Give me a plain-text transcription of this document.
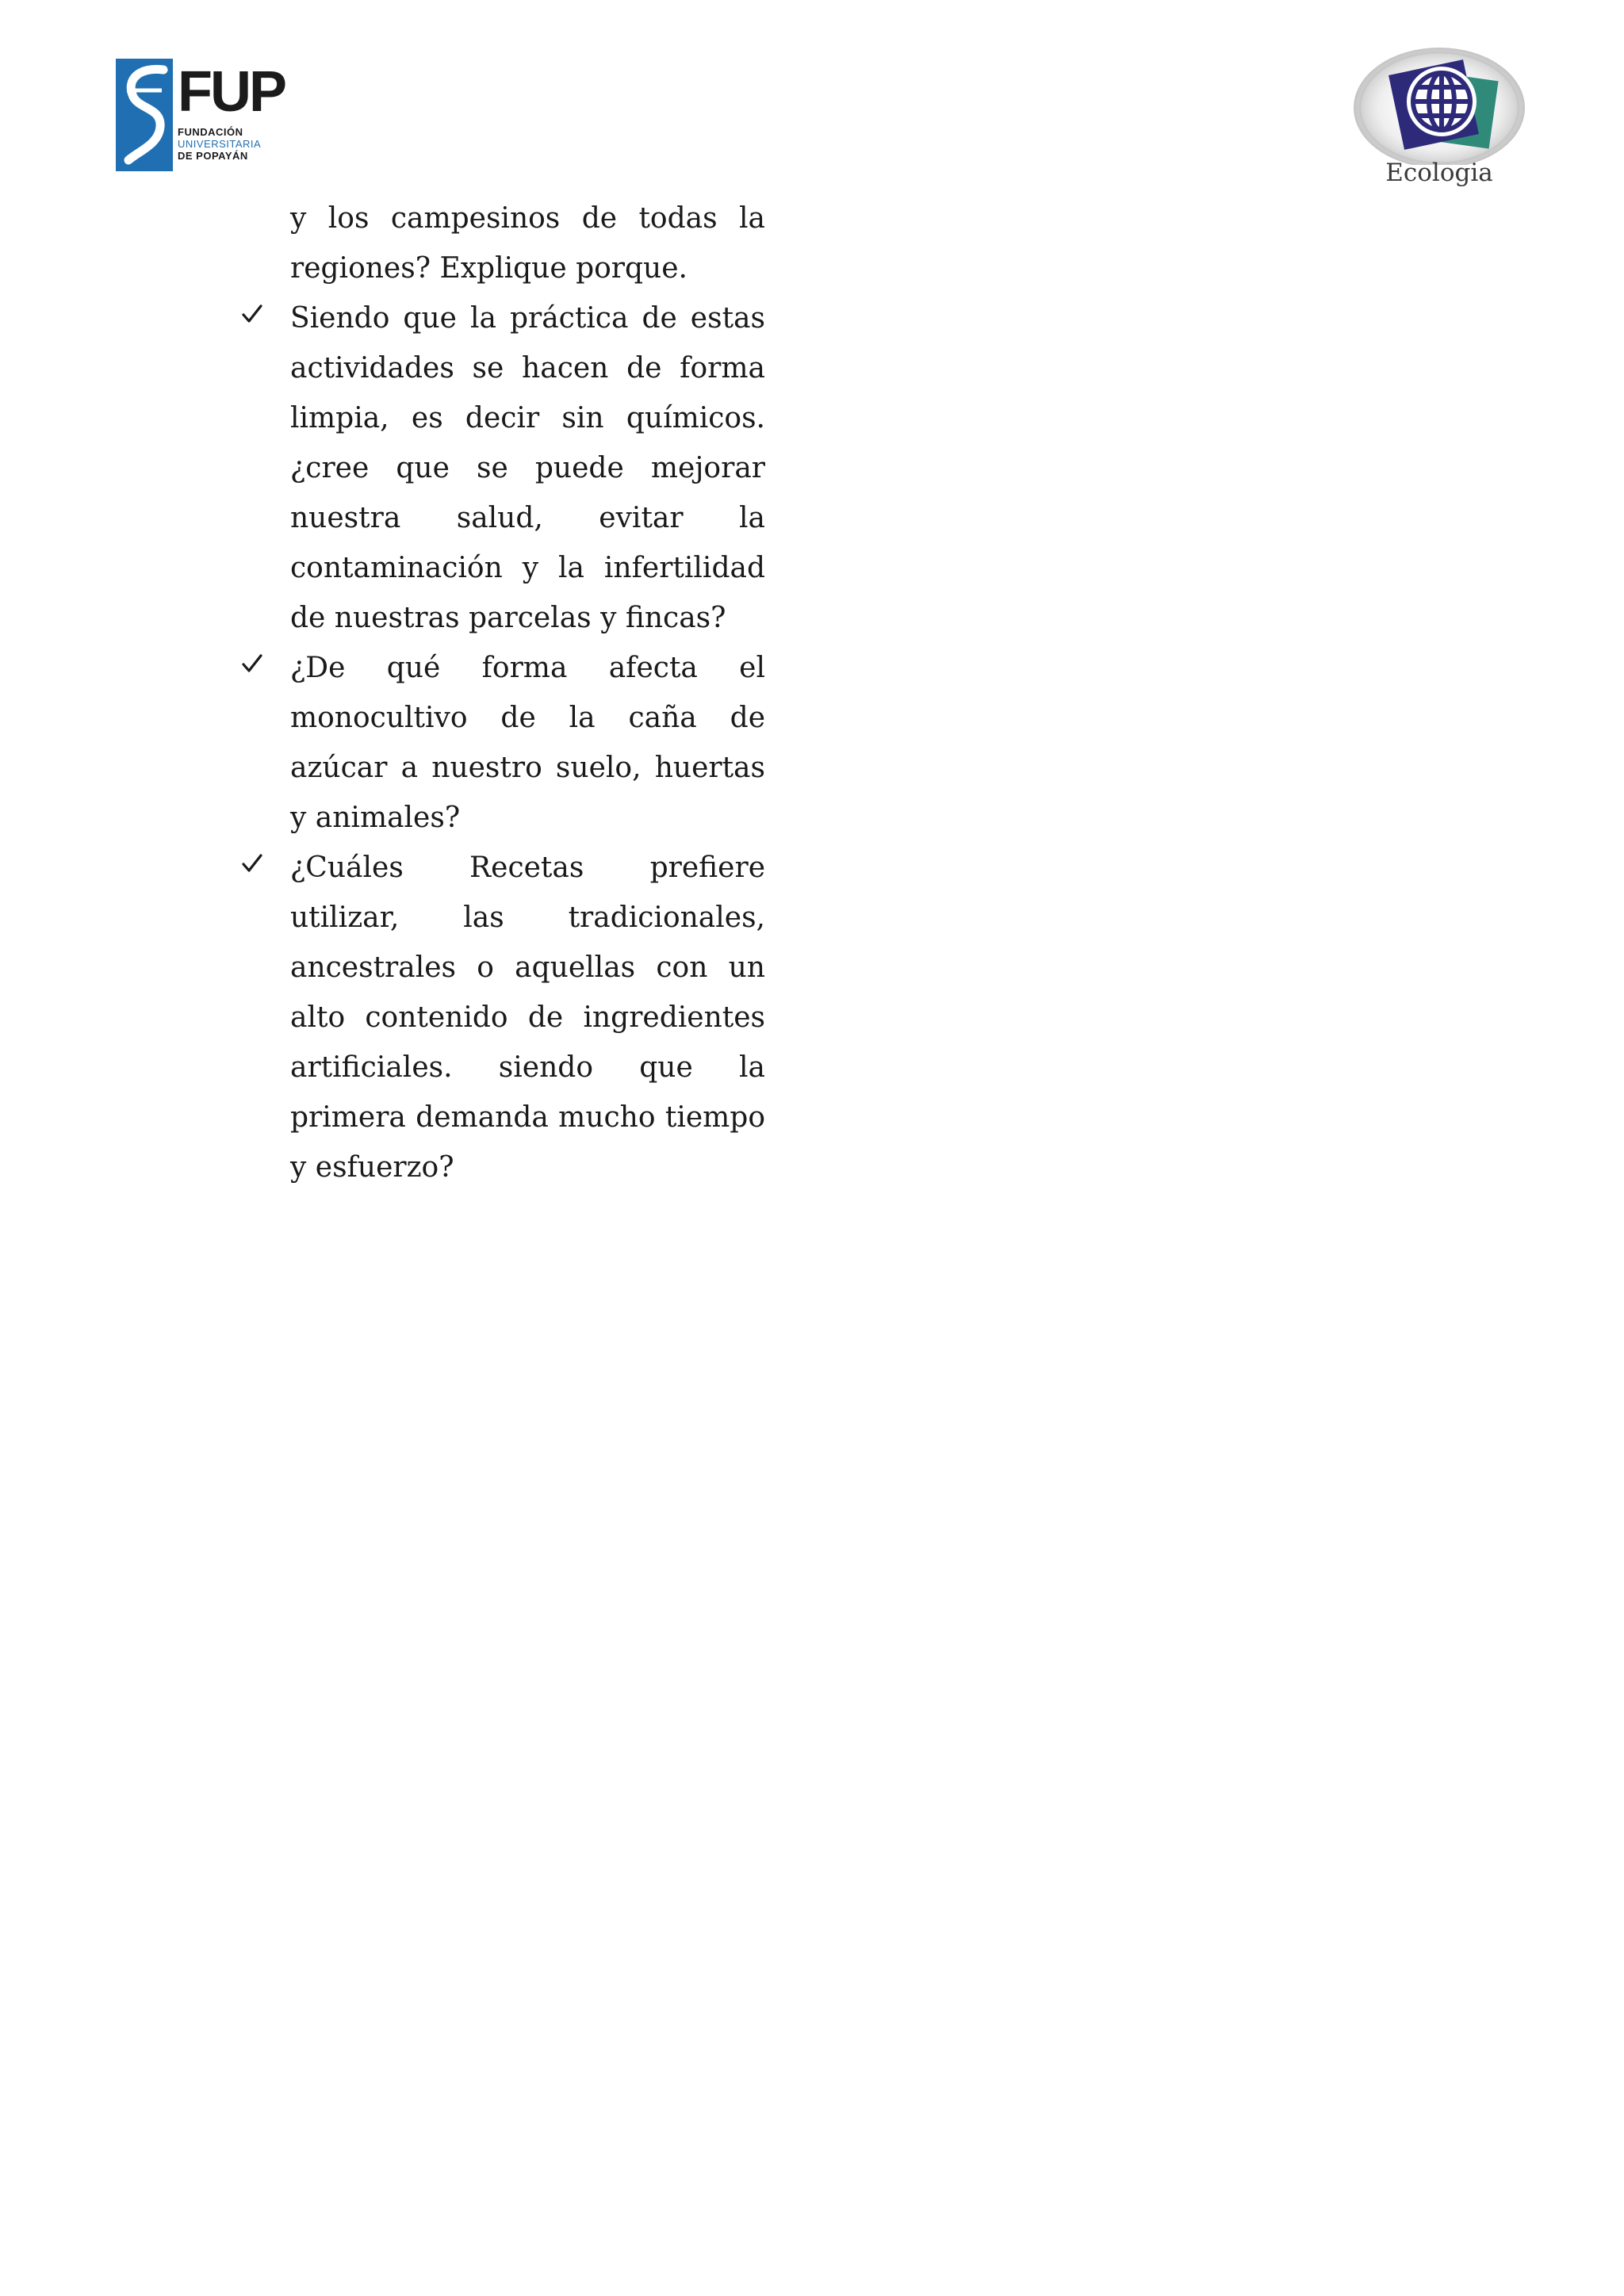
FUP
FUNDACIÓN
UNIVERSITARIA
DE POPAYÁN
Ecologia

y los campesinos de todas la regiones? Explique porque.

Siendo que la práctica de estas actividades se hacen de forma limpia, es decir sin químicos. ¿cree que se puede mejorar nuestra salud, evitar la contaminación y la infertilidad de nuestras parcelas y fincas?

¿De qué forma afecta el monocultivo de la caña de azúcar a nuestro suelo, huertas y animales?

¿Cuáles Recetas prefiere utilizar, las tradicionales, ancestrales o aquellas con un alto contenido de ingredientes artificiales. siendo que la primera demanda mucho tiempo y esfuerzo?
